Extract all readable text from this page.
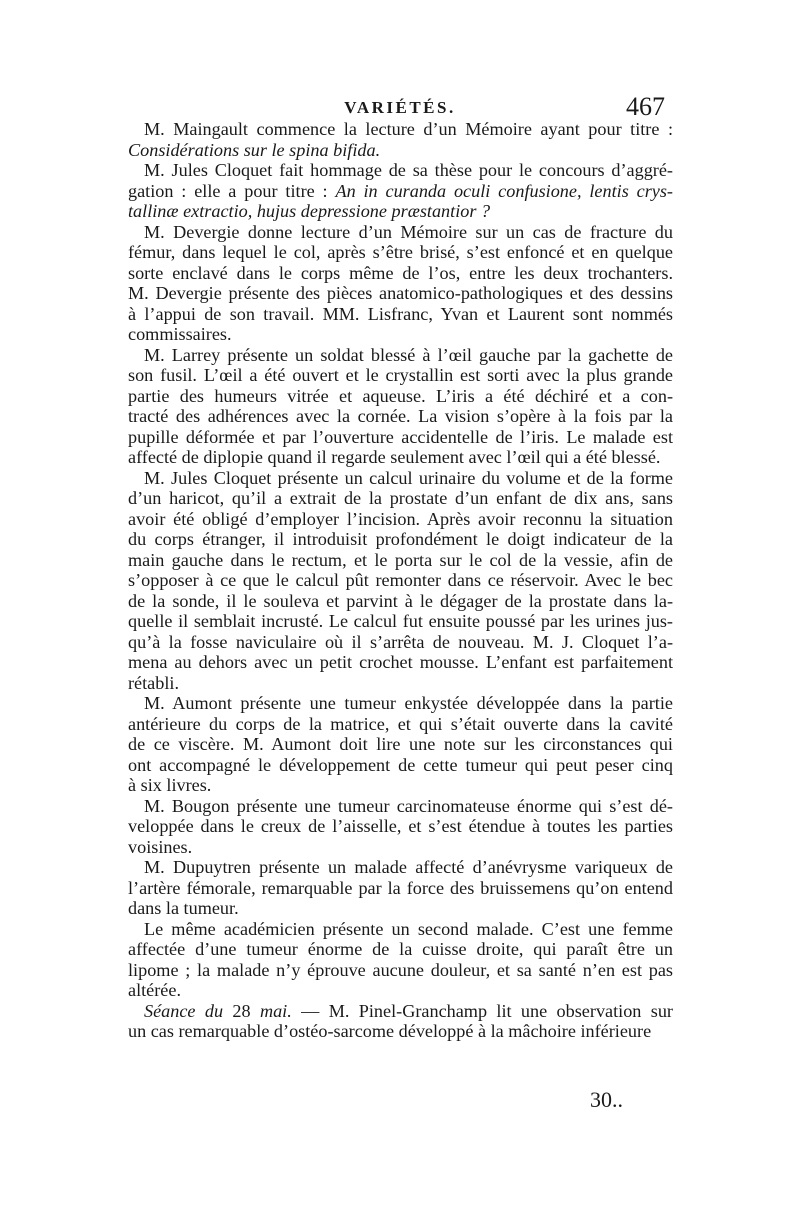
VARIÉTÉS.	467
M. Maingault commence la lecture d’un Mémoire ayant pour titre :
Considérations sur le spina bifida.
M. Jules Cloquet fait hommage de sa thèse pour le concours d’aggré-
gation : elle a pour titre : An in curanda oculi confusione, lentis crys-
tallinæ extractio, hujus depressione præstantior ?
M. Devergie donne lecture d’un Mémoire sur un cas de fracture du
fémur, dans lequel le col, après s’être brisé, s’est enfoncé et en quelque
sorte enclavé dans le corps même de l’os, entre les deux trochanters.
M. Devergie présente des pièces anatomico-pathologiques et des dessins
à l’appui de son travail. MM. Lisfranc, Yvan et Laurent sont nommés
commissaires.
M. Larrey présente un soldat blessé à l’œil gauche par la gachette de
son fusil. L’œil a été ouvert et le crystallin est sorti avec la plus grande
partie des humeurs vitrée et aqueuse. L’iris a été déchiré et a con-
tracté des adhérences avec la cornée. La vision s’opère à la fois par la
pupille déformée et par l’ouverture accidentelle de l’iris. Le malade est
affecté de diplopie quand il regarde seulement avec l’œil qui a été blessé.
M. Jules Cloquet présente un calcul urinaire du volume et de la forme
d’un haricot, qu’il a extrait de la prostate d’un enfant de dix ans, sans
avoir été obligé d’employer l’incision. Après avoir reconnu la situation
du corps étranger, il introduisit profondément le doigt indicateur de la
main gauche dans le rectum, et le porta sur le col de la vessie, afin de
s’opposer à ce que le calcul pût remonter dans ce réservoir. Avec le bec
de la sonde, il le souleva et parvint à le dégager de la prostate dans la-
quelle il semblait incrusté. Le calcul fut ensuite poussé par les urines jus-
qu’à la fosse naviculaire où il s’arrêta de nouveau. M. J. Cloquet l’a-
mena au dehors avec un petit crochet mousse. L’enfant est parfaitement
rétabli.
M. Aumont présente une tumeur enkystée développée dans la partie
antérieure du corps de la matrice, et qui s’était ouverte dans la cavité
de ce viscère. M. Aumont doit lire une note sur les circonstances qui
ont accompagné le développement de cette tumeur qui peut peser cinq
à six livres.
M. Bougon présente une tumeur carcinomateuse énorme qui s’est dé-
veloppée dans le creux de l’aisselle, et s’est étendue à toutes les parties
voisines.
M. Dupuytren présente un malade affecté d’anévrysme variqueux de
l’artère fémorale, remarquable par la force des bruissemens qu’on entend
dans la tumeur.
Le même académicien présente un second malade. C’est une femme
affectée d’une tumeur énorme de la cuisse droite, qui paraît être un
lipome ; la malade n’y éprouve aucune douleur, et sa santé n’en est pas
altérée.
Séance du 28 mai. — M. Pinel-Granchamp lit une observation sur
un cas remarquable d’ostéo-sarcome développé à la mâchoire inférieure
30..
